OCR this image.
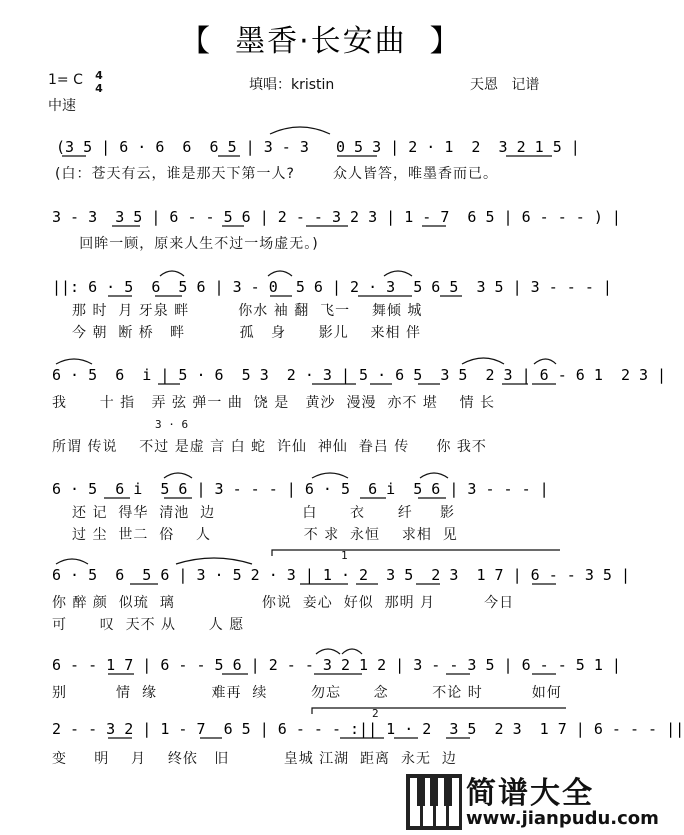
【  墨香·长安曲  】
1= C 4
4	填唱：kristin	天恩   记谱
中速
(3 5 | 6 · 6  6  6 5 | 3 - 3   0 5 3 | 2 · 1  2  3 2 1 5 |
(白：苍天有云，谁是那天下第一人?       众人皆答，唯墨香而已。
3 - 3  3 5 | 6 - - 5 6 | 2 - - 3 2 3 | 1 - 7  6 5 | 6 - - - ) |
回眸一顾，原来人生不过一场虚无。)
||: 6 · 5  6  5 6 | 3 - 0  5 6 | 2 · 3  5 6 5  3 5 | 3 - - - |
那 时  月 牙泉 畔         你水 袖 翻  飞一    舞倾 城
今 朝  断 桥   畔          孤   身      影儿    来相 伴
6 · 5  6  i | 5 · 6  5 3  2 · 3 | 5 · 6 5  3 5  2 3 | 6 - 6 1  2 3 |
我      十 指   弄 弦 弹一 曲  饶 是   黄沙  漫漫  亦不 堪    情 长
3 · 6
所谓 传说    不过 是虚 言 白 蛇  许仙  神仙  眷吕 传     你 我不
6 · 5  6 i  5 6 | 3 - - - | 6 · 5  6 i  5 6 | 3 - - - |
还 记  得华  清池  边                白      衣      纤     影
过 尘  世二  俗    人                 不 求  永恒    求相  见
1
6 · 5  6  5 6 | 3 · 5 2 · 3 | 1 · 2  3 5  2 3  1 7 | 6 - - 3 5 |
你 醉 颜  似琉  璃                你说  妾心  好似  那明 月         今日
可      叹  天不 从      人 愿
6 - - 1 7 | 6 - - 5 6 | 2 - - 3 2 1 2 | 3 - - 3 5 | 6 - - 5 1 |
别         情  缘          难再  续        勿忘      念        不论 时         如何
2
2 - - 3 2 | 1 - 7  6 5 | 6 - - - :|| 1 · 2  3 5  2 3  1 7 | 6 - - - ||
变     明    月    终依   旧          皇城 江湖  距离  永无  边
简谱大全
www.jianpudu.com
